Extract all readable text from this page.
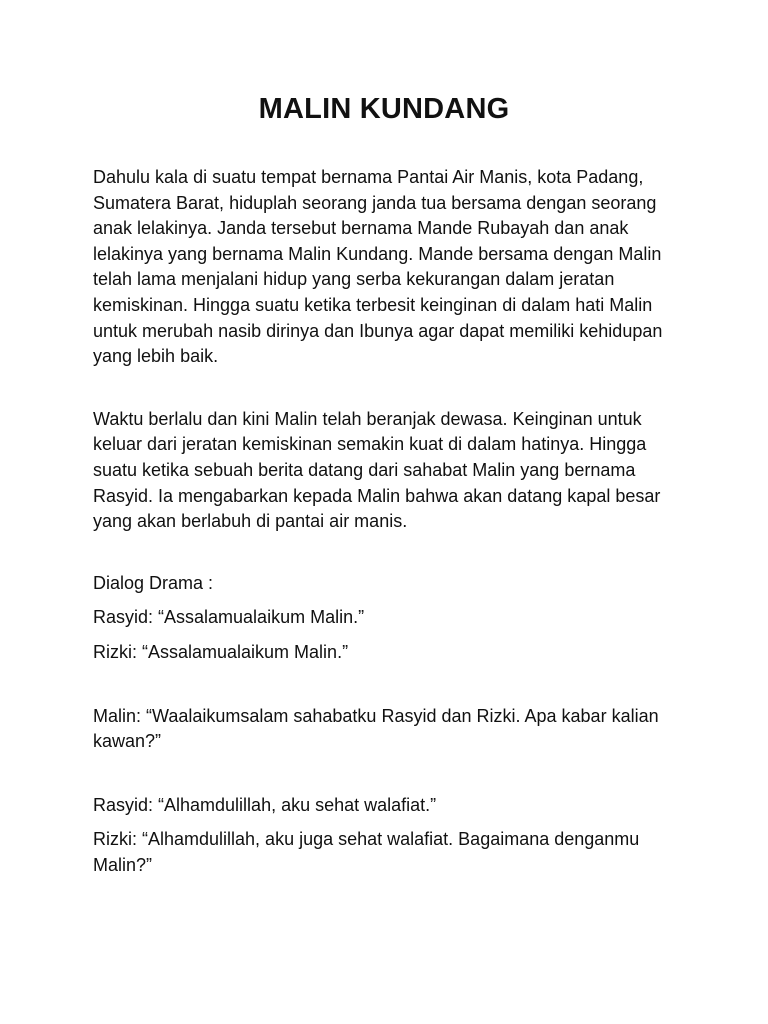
MALIN KUNDANG

Dahulu kala di suatu tempat bernama Pantai Air Manis, kota Padang, Sumatera Barat, hiduplah seorang janda tua bersama dengan seorang anak lelakinya. Janda tersebut bernama Mande Rubayah dan anak lelakinya yang bernama Malin Kundang. Mande bersama dengan Malin telah lama menjalani hidup yang serba kekurangan dalam jeratan kemiskinan. Hingga suatu ketika terbesit keinginan di dalam hati Malin untuk merubah nasib dirinya dan Ibunya agar dapat memiliki kehidupan yang lebih baik.

Waktu berlalu dan kini Malin telah beranjak dewasa. Keinginan untuk keluar dari jeratan kemiskinan semakin kuat di dalam hatinya. Hingga suatu ketika sebuah berita datang dari sahabat Malin yang bernama Rasyid. Ia mengabarkan kepada Malin bahwa akan datang kapal besar yang akan berlabuh di pantai air manis.

Dialog Drama :

Rasyid: “Assalamualaikum Malin.”

Rizki: “Assalamualaikum Malin.”

Malin: “Waalaikumsalam sahabatku Rasyid dan Rizki. Apa kabar kalian kawan?”

Rasyid: “Alhamdulillah, aku sehat walafiat.”

Rizki: “Alhamdulillah, aku juga sehat walafiat. Bagaimana denganmu Malin?”
